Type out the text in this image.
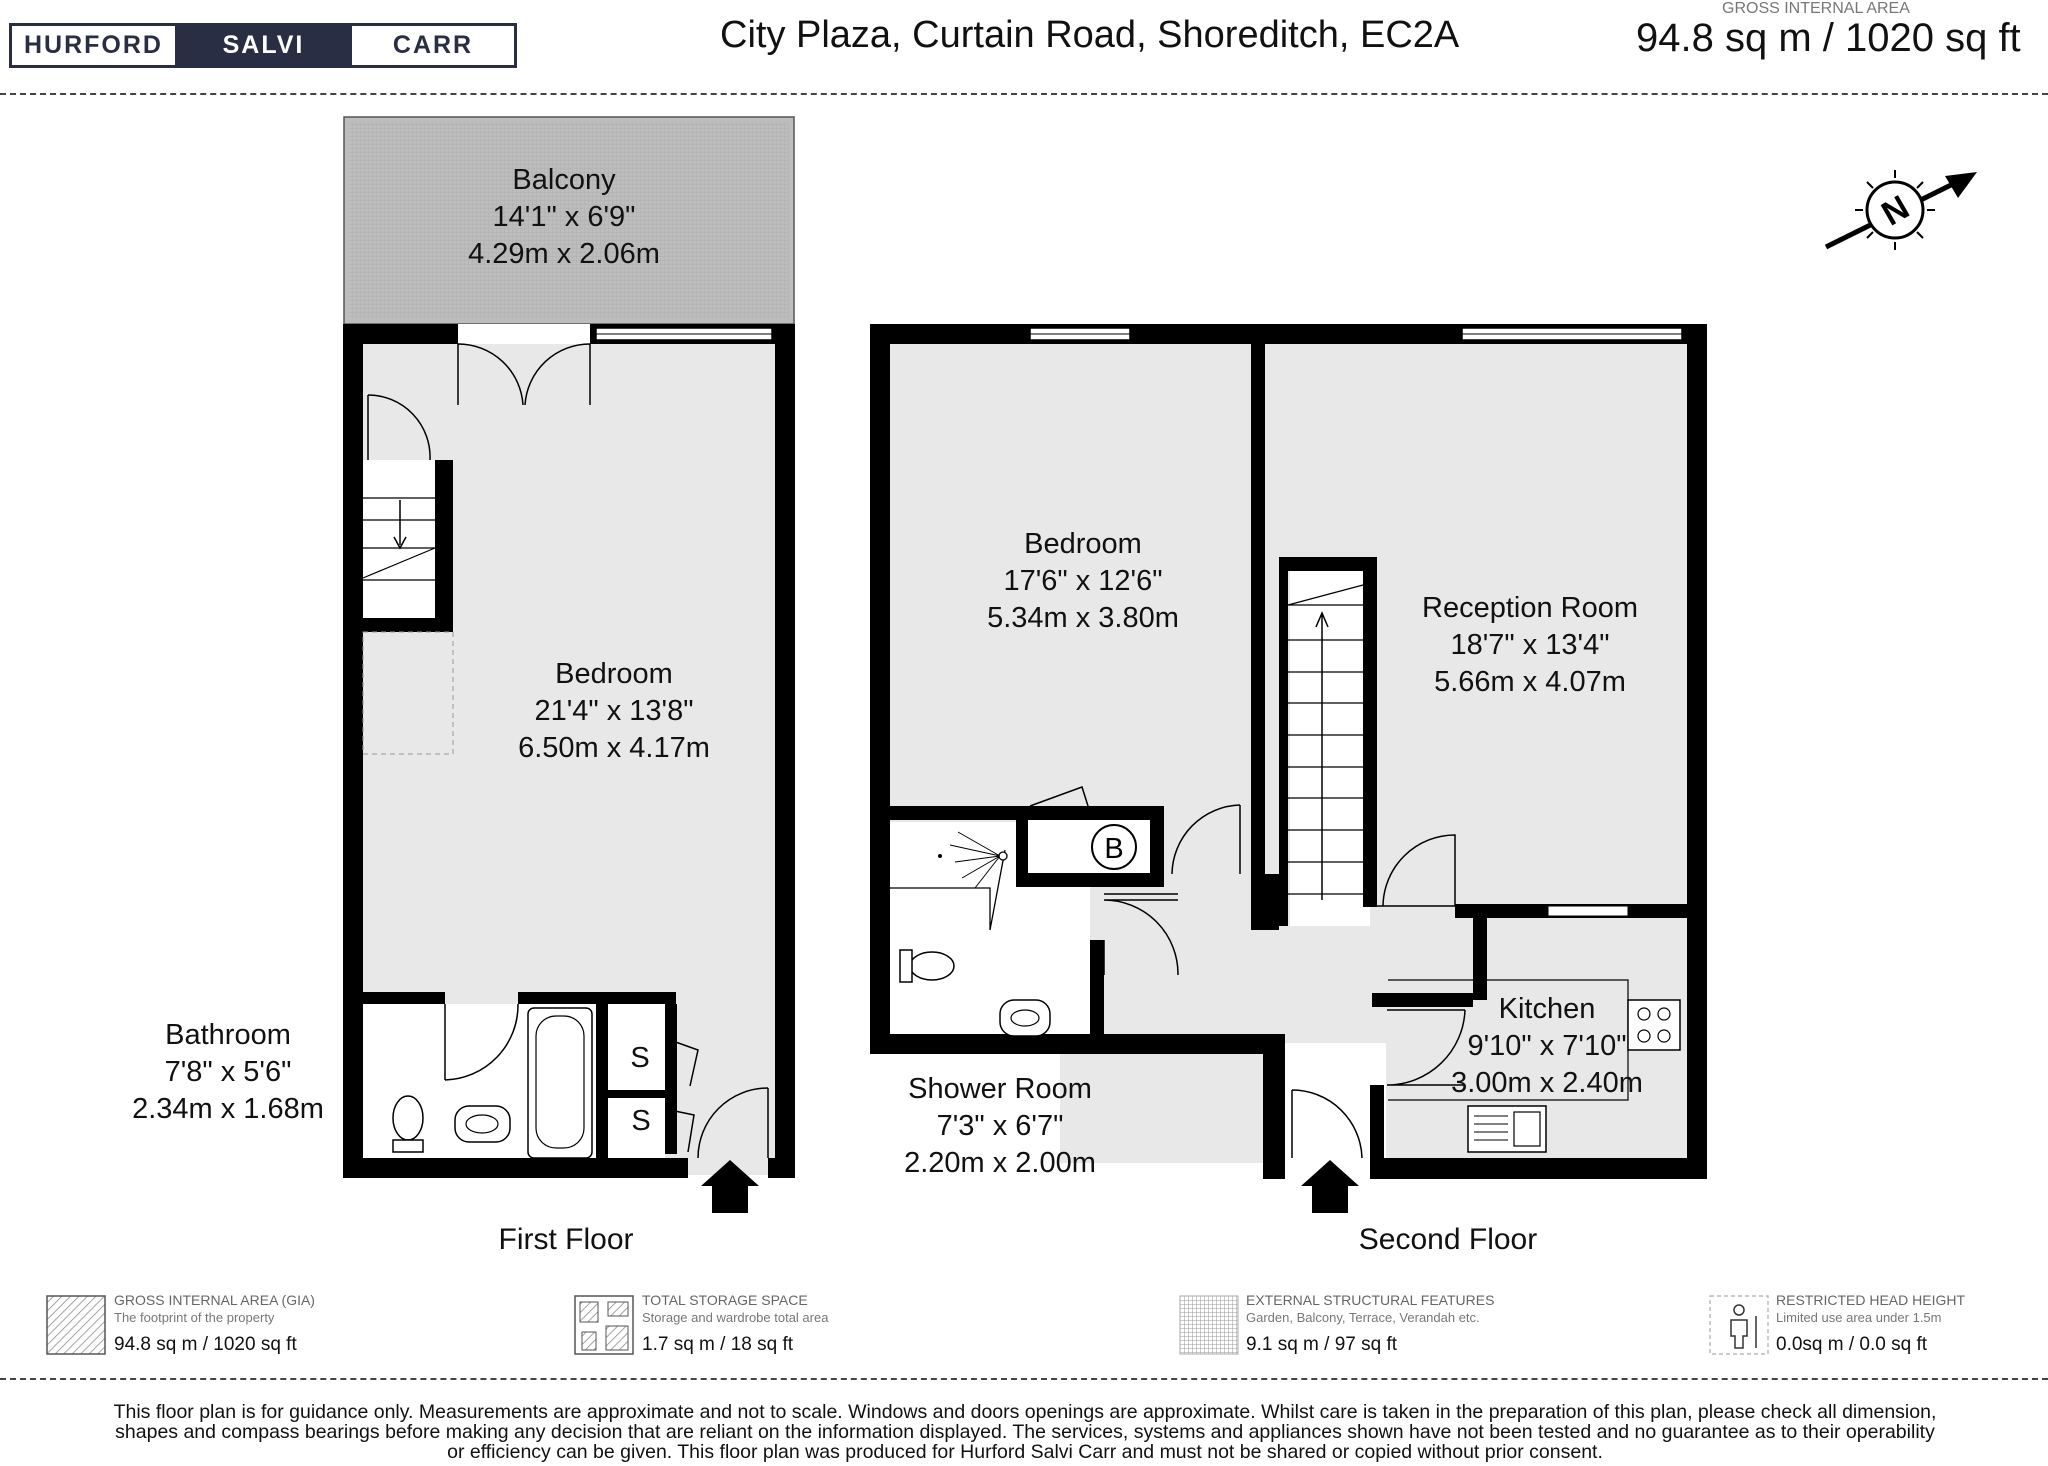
HURFORD	SALVI	CARR	City Plaza, Curtain Road, Shoreditch, EC2A
GROSS INTERNAL AREA
94.8 sq m / 1020 sq ft
Balcony
14'1" x 6'9"
4.29m x 2.06m
Bedroom
21'4" x 13'8"
6.50m x 4.17m
Bathroom
7'8" x 5'6"
2.34m x 1.68m
S
S
First Floor
B
Bedroom
17'6" x 12'6"
5.34m x 3.80m	Reception Room
18'7" x 13'4"
5.66m x 4.07m
Kitchen
9'10" x 7'10"
3.00m x 2.40m
Shower Room
7'3" x 6'7"
2.20m x 2.00m
Second Floor
N
GROSS INTERNAL AREA (GIA)
The footprint of the property
94.8 sq m / 1020 sq ft
TOTAL STORAGE SPACE
Storage and wardrobe total area
1.7 sq m / 18 sq ft
EXTERNAL STRUCTURAL FEATURES
Garden, Balcony, Terrace, Verandah etc.
9.1 sq m / 97 sq ft
RESTRICTED HEAD HEIGHT
Limited use area under 1.5m
0.0sq m / 0.0 sq ft
This floor plan is for guidance only. Measurements are approximate and not to scale. Windows and doors openings are approximate. Whilst care is taken in the preparation of this plan, please check all dimension, shapes and compass bearings before making any decision that are reliant on the information displayed. The services, systems and appliances shown have not been tested and no guarantee as to their operability or efficiency can be given. This floor plan was produced for Hurford Salvi Carr and must not be shared or copied without prior consent.
